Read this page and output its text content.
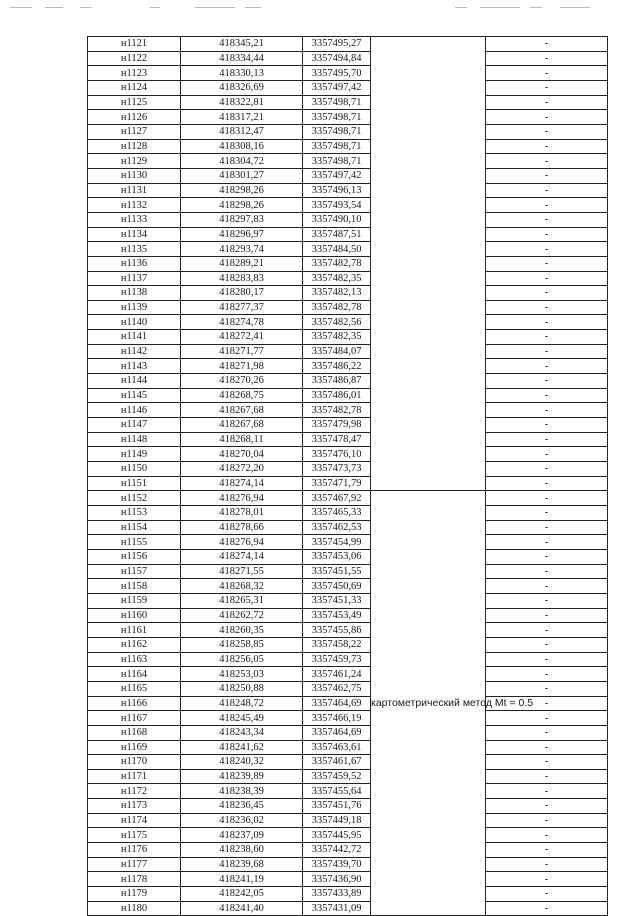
н1121	418345,21	3357495,27		-
н1122	418334,44	3357494,84		-
н1123	418330,13	3357495,70		-
н1124	418326,69	3357497,42		-
н1125	418322,81	3357498,71		-
н1126	418317,21	3357498,71		-
н1127	418312,47	3357498,71		-
н1128	418308,16	3357498,71		-
н1129	418304,72	3357498,71		-
н1130	418301,27	3357497,42		-
н1131	418298,26	3357496,13		-
н1132	418298,26	3357493,54		-
н1133	418297,83	3357490,10		-
н1134	418296,97	3357487,51		-
н1135	418293,74	3357484,50		-
н1136	418289,21	3357482,78		-
н1137	418283,83	3357482,35		-
н1138	418280,17	3357482,13		-
н1139	418277,37	3357482,78		-
н1140	418274,78	3357482,56		-
н1141	418272,41	3357482,35		-
н1142	418271,77	3357484,07		-
н1143	418271,98	3357486,22		-
н1144	418270,26	3357486,87		-
н1145	418268,75	3357486,01		-
н1146	418267,68	3357482,78		-
н1147	418267,68	3357479,98		-
н1148	418268,11	3357478,47		-
н1149	418270,04	3357476,10		-
н1150	418272,20	3357473,73		-
н1151	418274,14	3357471,79		-
н1152	418276,94	3357467,92	картометрический метод Mt = 0.5	-
н1153	418278,01	3357465,33		-
н1154	418278,66	3357462,53		-
н1155	418276,94	3357454,99		-
н1156	418274,14	3357453,06		-
н1157	418271,55	3357451,55		-
н1158	418268,32	3357450,69		-
н1159	418265,31	3357451,33		-
н1160	418262,72	3357453,49		-
н1161	418260,35	3357455,86		-
н1162	418258,85	3357458,22		-
н1163	418256,05	3357459,73		-
н1164	418253,03	3357461,24		-
н1165	418250,88	3357462,75		-
н1166	418248,72	3357464,69		-
н1167	418245,49	3357466,19		-
н1168	418243,34	3357464,69		-
н1169	418241,62	3357463,61		-
н1170	418240,32	3357461,67		-
н1171	418239,89	3357459,52		-
н1172	418238,39	3357455,64		-
н1173	418236,45	3357451,76		-
н1174	418236,02	3357449,18		-
н1175	418237,09	3357445,95		-
н1176	418238,60	3357442,72		-
н1177	418239,68	3357439,70		-
н1178	418241,19	3357436,90		-
н1179	418242,05	3357433,89		-
н1180	418241,40	3357431,09		-
